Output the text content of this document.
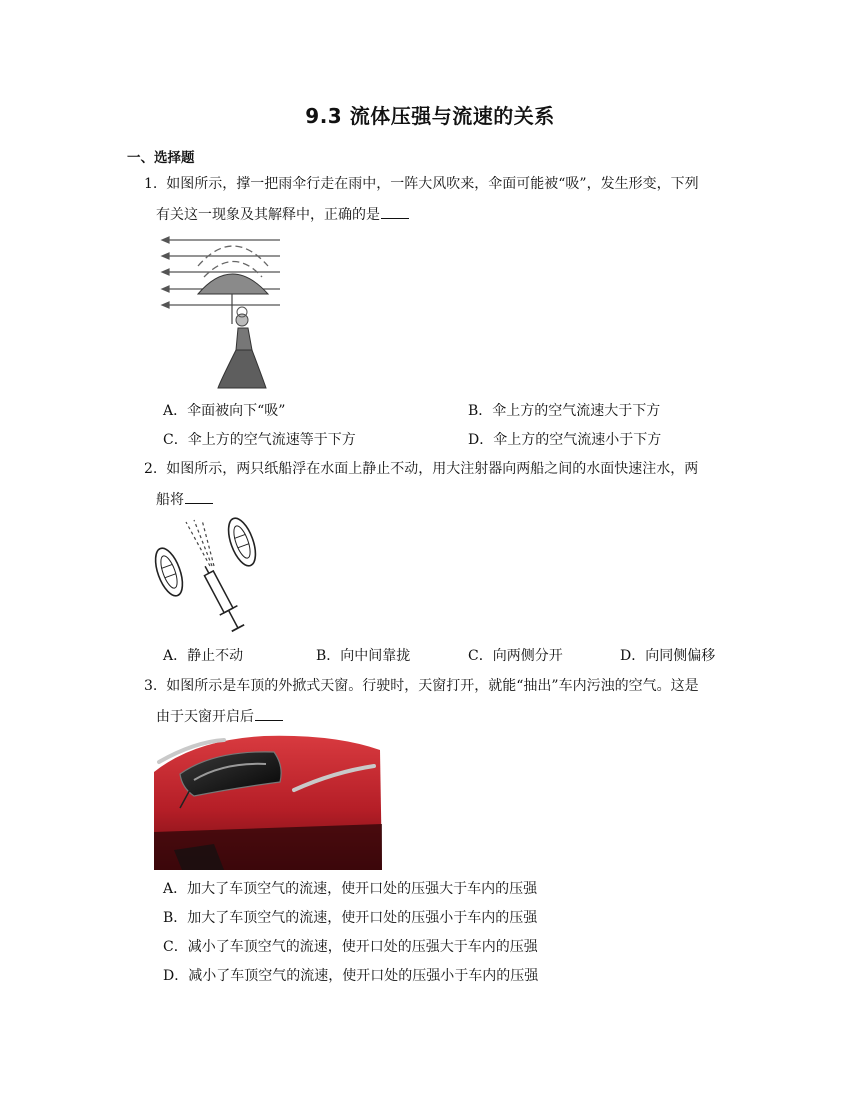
9.3 流体压强与流速的关系
一、选择题
1. 如图所示，撑一把雨伞行走在雨中，一阵大风吹来，伞面可能被“吸”，发生形变，下列
有关这一现象及其解释中，正确的是
A．伞面被向下“吸”	B．伞上方的空气流速大于下方
C．伞上方的空气流速等于下方	D．伞上方的空气流速小于下方
2. 如图所示，两只纸船浮在水面上静止不动，用大注射器向两船之间的水面快速注水，两
船将
A．静止不动	B．向中间靠拢	C．向两侧分开	D．向同侧偏移
3. 如图所示是车顶的外掀式天窗。行驶时，天窗打开，就能“抽出”车内污浊的空气。这是
由于天窗开启后
A．加大了车顶空气的流速，使开口处的压强大于车内的压强
B．加大了车顶空气的流速，使开口处的压强小于车内的压强
C．减小了车顶空气的流速，使开口处的压强大于车内的压强
D．减小了车顶空气的流速，使开口处的压强小于车内的压强
